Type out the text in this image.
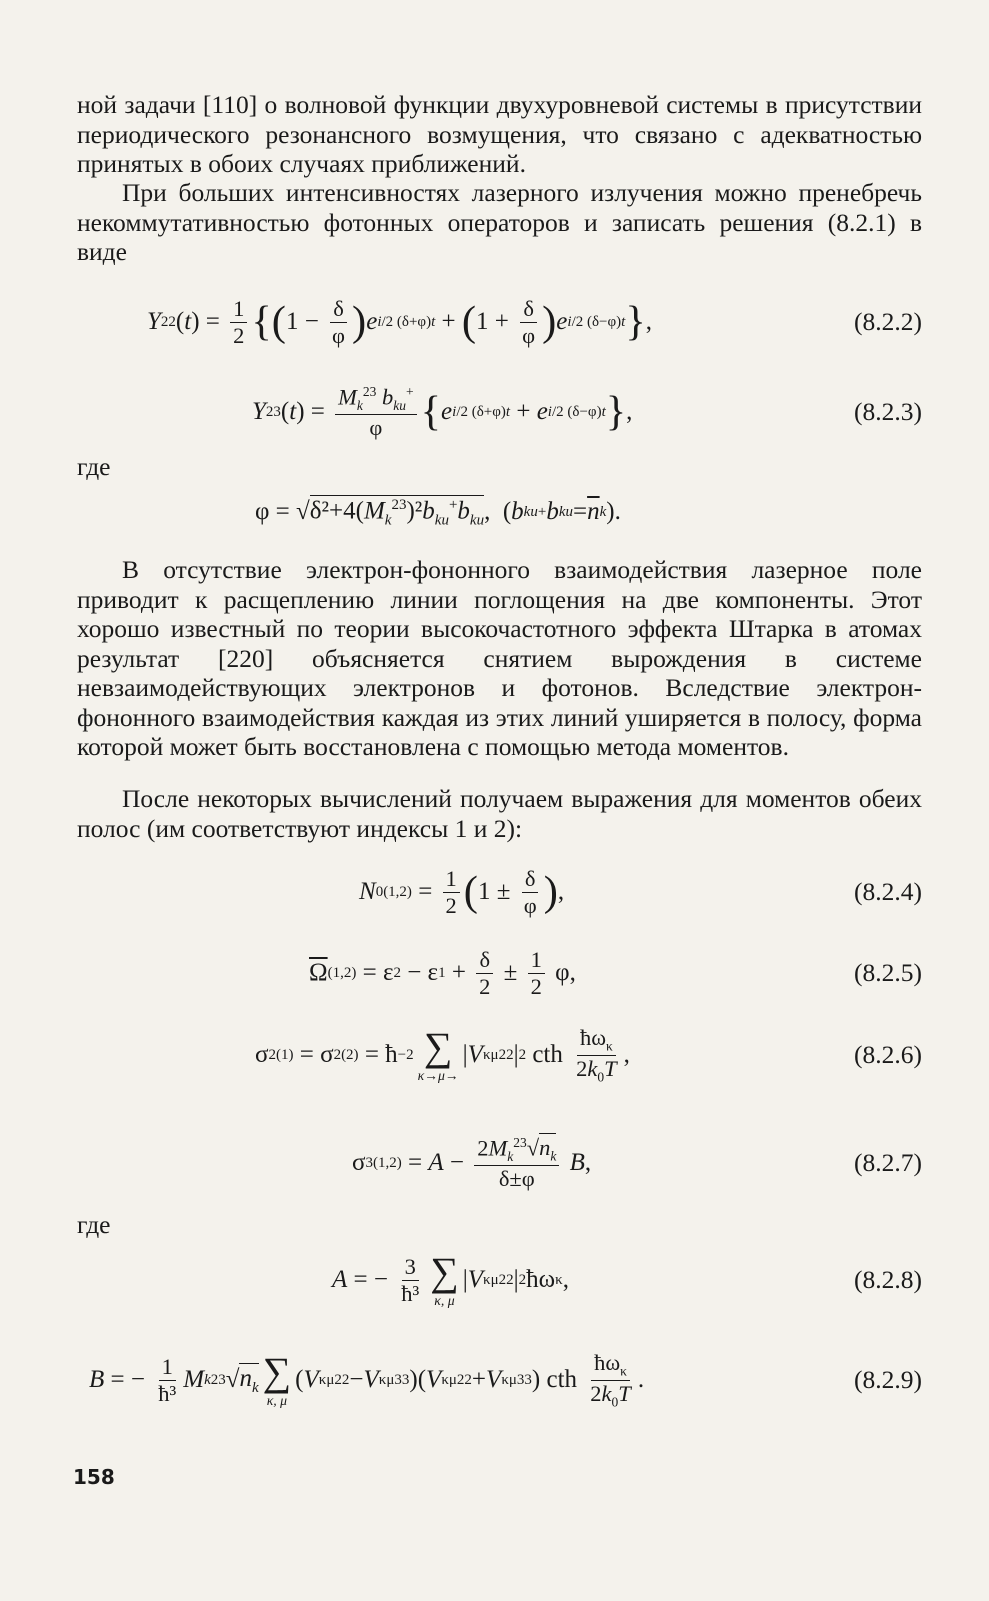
ной задачи [110] о волновой функции двухуровневой системы в присутствии периодического резонансного возмущения, что связано с адекватностью принятых в обоих случаях приближений.

При больших интенсивностях лазерного излучения можно пренебречь некоммутативностью фотонных операторов и записать решения (8.2.1) в виде

Y 22 ( t ) = $\frac{1}{2}$ {( $1 - \frac{\delta}{\varphi}$ ) e i/2 (δ+φ)t + ( $1 + \frac{\delta}{\varphi}$ ) e i/2 (δ−φ)t } ,	(8.2.2)
Y 23 ( t ) = $\frac{M_k^{23} b_{ku}^+}{\varphi}$ { e i/2 (δ+φ)t + e i/2 (δ−φ)t } ,	(8.2.3)
где
φ = √ $\delta^2+4(M_k^{23})^2b_{ku}^+b_{ku}$ ,  ( b ku + b ku = $\overline{n}$ k ).

В отсутствие электрон-фононного взаимодействия лазерное поле приводит к расщеплению линии поглощения на две компоненты. Этот хорошо известный по теории высокочастотного эффекта Штарка в атомах результат [220] объясняется снятием вырождения в системе невзаимодействующих электронов и фотонов. Вследствие электрон-фононного взаимодействия каждая из этих линий уширяется в полосу, форма которой может быть восстановлена с помощью метода моментов.

После некоторых вычислений получаем выражения для моментов обеих полос (им соответствуют индексы 1 и 2):

N 0 $(1,2) = \frac{1}{2}$ ( $1 \pm \frac{\delta}{\varphi}$ ) ,	(8.2.4)
$\overline{\Omega}$ (1,2) = ε 2 − ε $1 + \frac{\delta}{2} \pm \frac{1}{2} \varphi$,	(8.2.5)
σ 2 (1) = σ 2 (2) = ħ −2 ∑
κ→μ→
| V κμ 22 | 2 cth $\frac{ħ\omega_\kappa}{2k_0T}$ ,	(8.2.6)
σ 3 $(1,2) = A - \frac{2M_k^{23}√n_k}{\delta\pm\varphi}$
B ,	(8.2.7)
где
A = − $\frac{3}{\text{ħ³}}$ ∑
κ, μ
| V κμ 22 | 2 ħω κ ,	(8.2.8)
B = − $\frac{1}{\text{ħ³}}$ M k 23 √ $n_k$ ∑
κ, μ
( V κμ 22 − V κμ 33 )( V κμ 22 + V κμ 33 ) cth $\frac{ħ\omega_\kappa}{2k_0T}$ .	(8.2.9)
158
